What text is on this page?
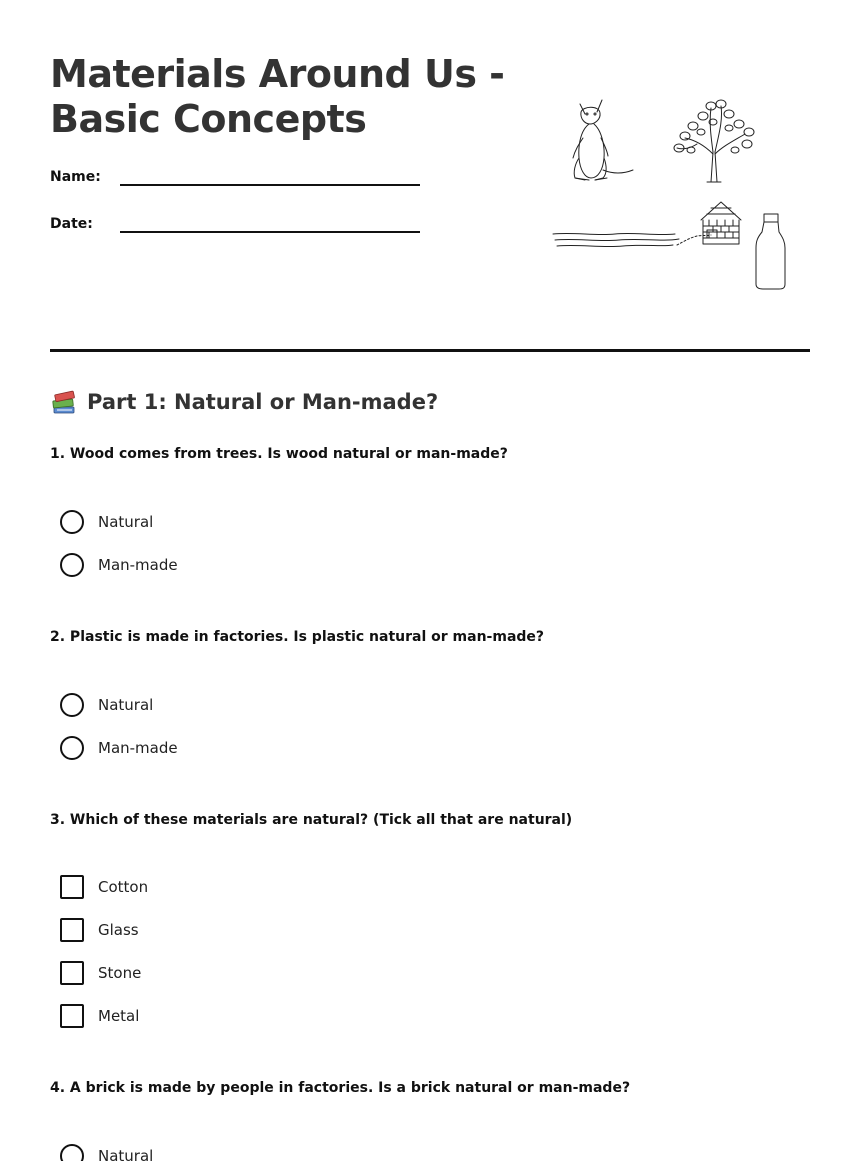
Materials Around Us -
Basic Concepts
Name:
Date:
Part 1: Natural or Man-made?
1. Wood comes from trees. Is wood natural or man-made?
Natural
Man-made
2. Plastic is made in factories. Is plastic natural or man-made?
Natural
Man-made
3. Which of these materials are natural? (Tick all that are natural)
Cotton
Glass
Stone
Metal
4. A brick is made by people in factories. Is a brick natural or man-made?
Natural
